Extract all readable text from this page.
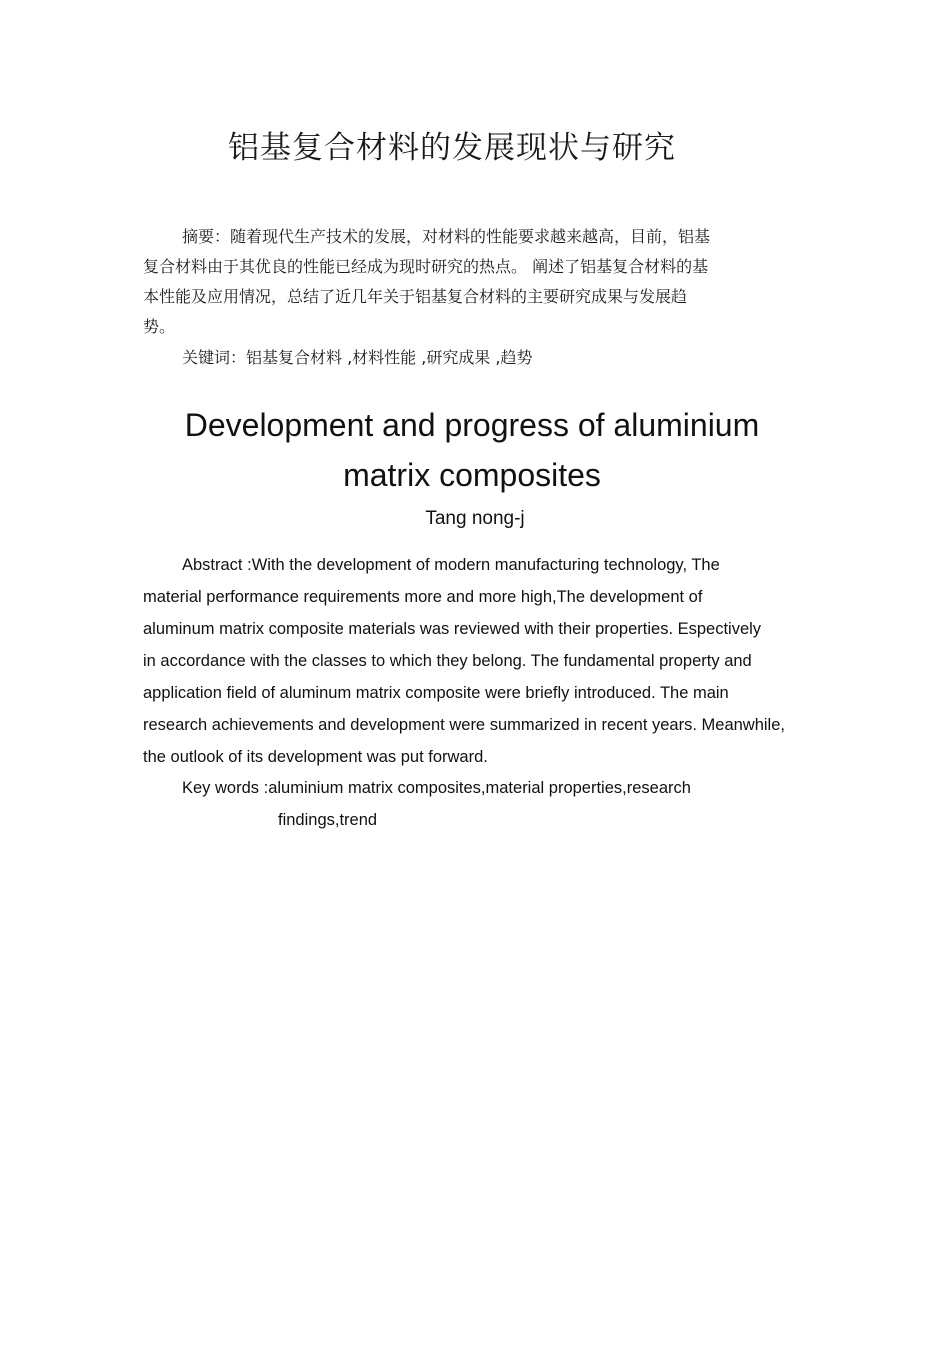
铝基复合材料的发展现状与研究
摘要：随着现代生产技术的发展，对材料的性能要求越来越高，目前，铝基
复合材料由于其优良的性能已经成为现时研究的热点。 阐述了铝基复合材料的基
本性能及应用情况，总结了近几年关于铝基复合材料的主要研究成果与发展趋
势。
关键词：铝基复合材料 ,材料性能 ,研究成果 ,趋势
Development and progress of aluminium
matrix composites
Tang nong-j
Abstract :With the development of modern manufacturing technology, The
material performance requirements more and more high,The development of
aluminum matrix composite materials was reviewed with their properties. Espectively
in accordance with the classes to which they belong. The fundamental property and
application field of aluminum matrix composite were briefly introduced. The main
research achievements and development were summarized in recent years. Meanwhile,
the outlook of its development was put forward.
Key words :aluminium matrix composites,material properties,research
findings,trend
